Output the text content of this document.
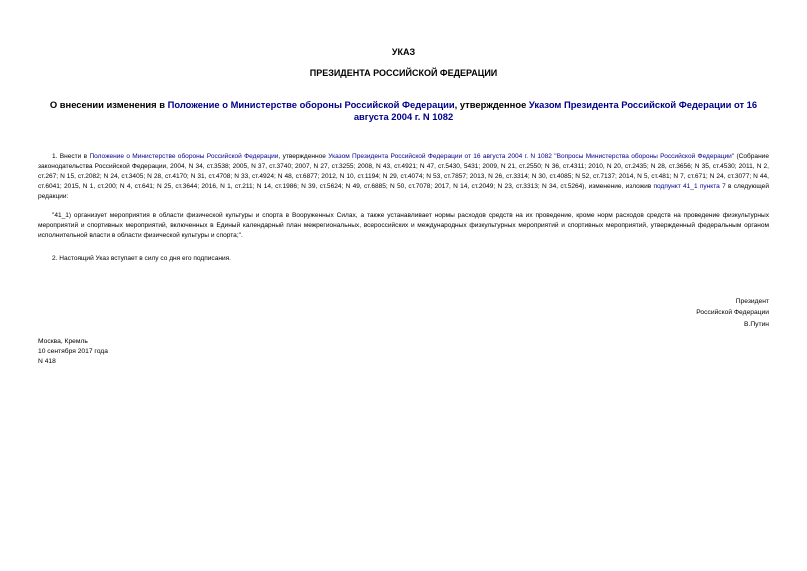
УКАЗ
ПРЕЗИДЕНТА РОССИЙСКОЙ ФЕДЕРАЦИИ
О внесении изменения в Положение о Министерстве обороны Российской Федерации, утвержденное Указом Президента Российской Федерации от 16 августа 2004 г. N 1082
1. Внести в Положение о Министерстве обороны Российской Федерации, утвержденное Указом Президента Российской Федерации от 16 августа 2004 г. N 1082 "Вопросы Министерства обороны Российской Федерации" (Собрание законодательства Российской Федерации, 2004, N 34, ст.3538; 2005, N 37, ст.3740; 2007, N 27, ст.3255; 2008, N 43, ст.4921; N 47, ст.5430, 5431; 2009, N 21, ст.2550; N 36, ст.4311; 2010, N 20, ст.2435; N 28, ст.3656; N 35, ст.4530; 2011, N 2, ст.267; N 15, ст.2082; N 24, ст.3405; N 28, ст.4170; N 31, ст.4708; N 33, ст.4924; N 48, ст.6877; 2012, N 10, ст.1194; N 29, ст.4074; N 53, ст.7857; 2013, N 26, ст.3314; N 30, ст.4085; N 52, ст.7137; 2014, N 5, ст.481; N 7, ст.671; N 24, ст.3077; N 44, ст.6041; 2015, N 1, ст.200; N 4, ст.641; N 25, ст.3644; 2016, N 1, ст.211; N 14, ст.1986; N 39, ст.5624; N 49, ст.6885; N 50, ст.7078; 2017, N 14, ст.2049; N 23, ст.3313; N 34, ст.5264), изменение, изложив подпункт 41_1 пункта 7 в следующей редакции:
"41_1) организует мероприятия в области физической культуры и спорта в Вооруженных Силах, а также устанавливает нормы расходов средств на их проведение, кроме норм расходов средств на проведение физкультурных мероприятий и спортивных мероприятий, включенных в Единый календарный план межрегиональных, всероссийских и международных физкультурных мероприятий и спортивных мероприятий, утвержденный федеральным органом исполнительной власти в области физической культуры и спорта;".
2. Настоящий Указ вступает в силу со дня его подписания.
Президент
Российской Федерации
В.Путин
Москва, Кремль
10 сентября 2017 года
N 418
